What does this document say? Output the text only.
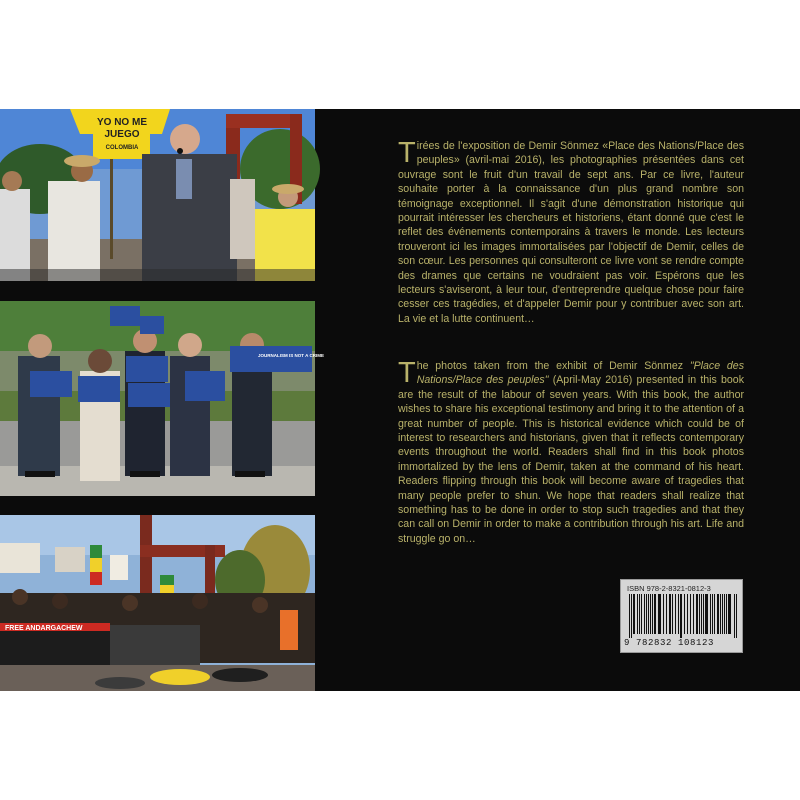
YO NO ME
JUEGO
COLOMBIA
JOURNALISM IS NOT A CRIME
FREE ANDARGACHEW
Tirées de l'exposition de Demir Sönmez «Place des Nations/Place des peuples» (avril-mai 2016), les photographies présentées dans cet ouvrage sont le fruit d'un travail de sept ans. Par ce livre, l'auteur souhaite porter à la connaissance d'un plus grand nombre son témoignage exceptionnel. Il s'agit d'une démonstration historique qui pourrait intéresser les chercheurs et historiens, étant donné que c'est le reflet des événements contemporains à travers le monde. Les lecteurs trouveront ici les images immortalisées par l'objectif de Demir, celles de son cœur. Les personnes qui consulteront ce livre vont se rendre compte des drames que certains ne voudraient pas voir. Espérons que les lecteurs s'aviseront, à leur tour, d'entreprendre quelque chose pour faire cesser ces tragédies, et d'appeler Demir pour y contribuer avec son art. La vie et la lutte continuent…
The photos taken from the exhibit of Demir Sönmez "Place des Nations/Place des peuples" (April-May 2016) presented in this book are the result of the labour of seven years. With this book, the author wishes to share his exceptional testimony and bring it to the attention of a great number of people. This is historical evidence which could be of interest to researchers and historians, given that it reflects contemporary events throughout the world. Readers shall find in this book photos immortalized by the lens of Demir, taken at the command of his heart. Readers flipping through this book will become aware of tragedies that many people prefer to shun. We hope that readers shall realize that something has to be done in order to stop such tragedies and that they can call on Demir in order to make a contribution through his art. Life and struggle go on…
ISBN 978-2-8321-0812-3
9 782832 108123
